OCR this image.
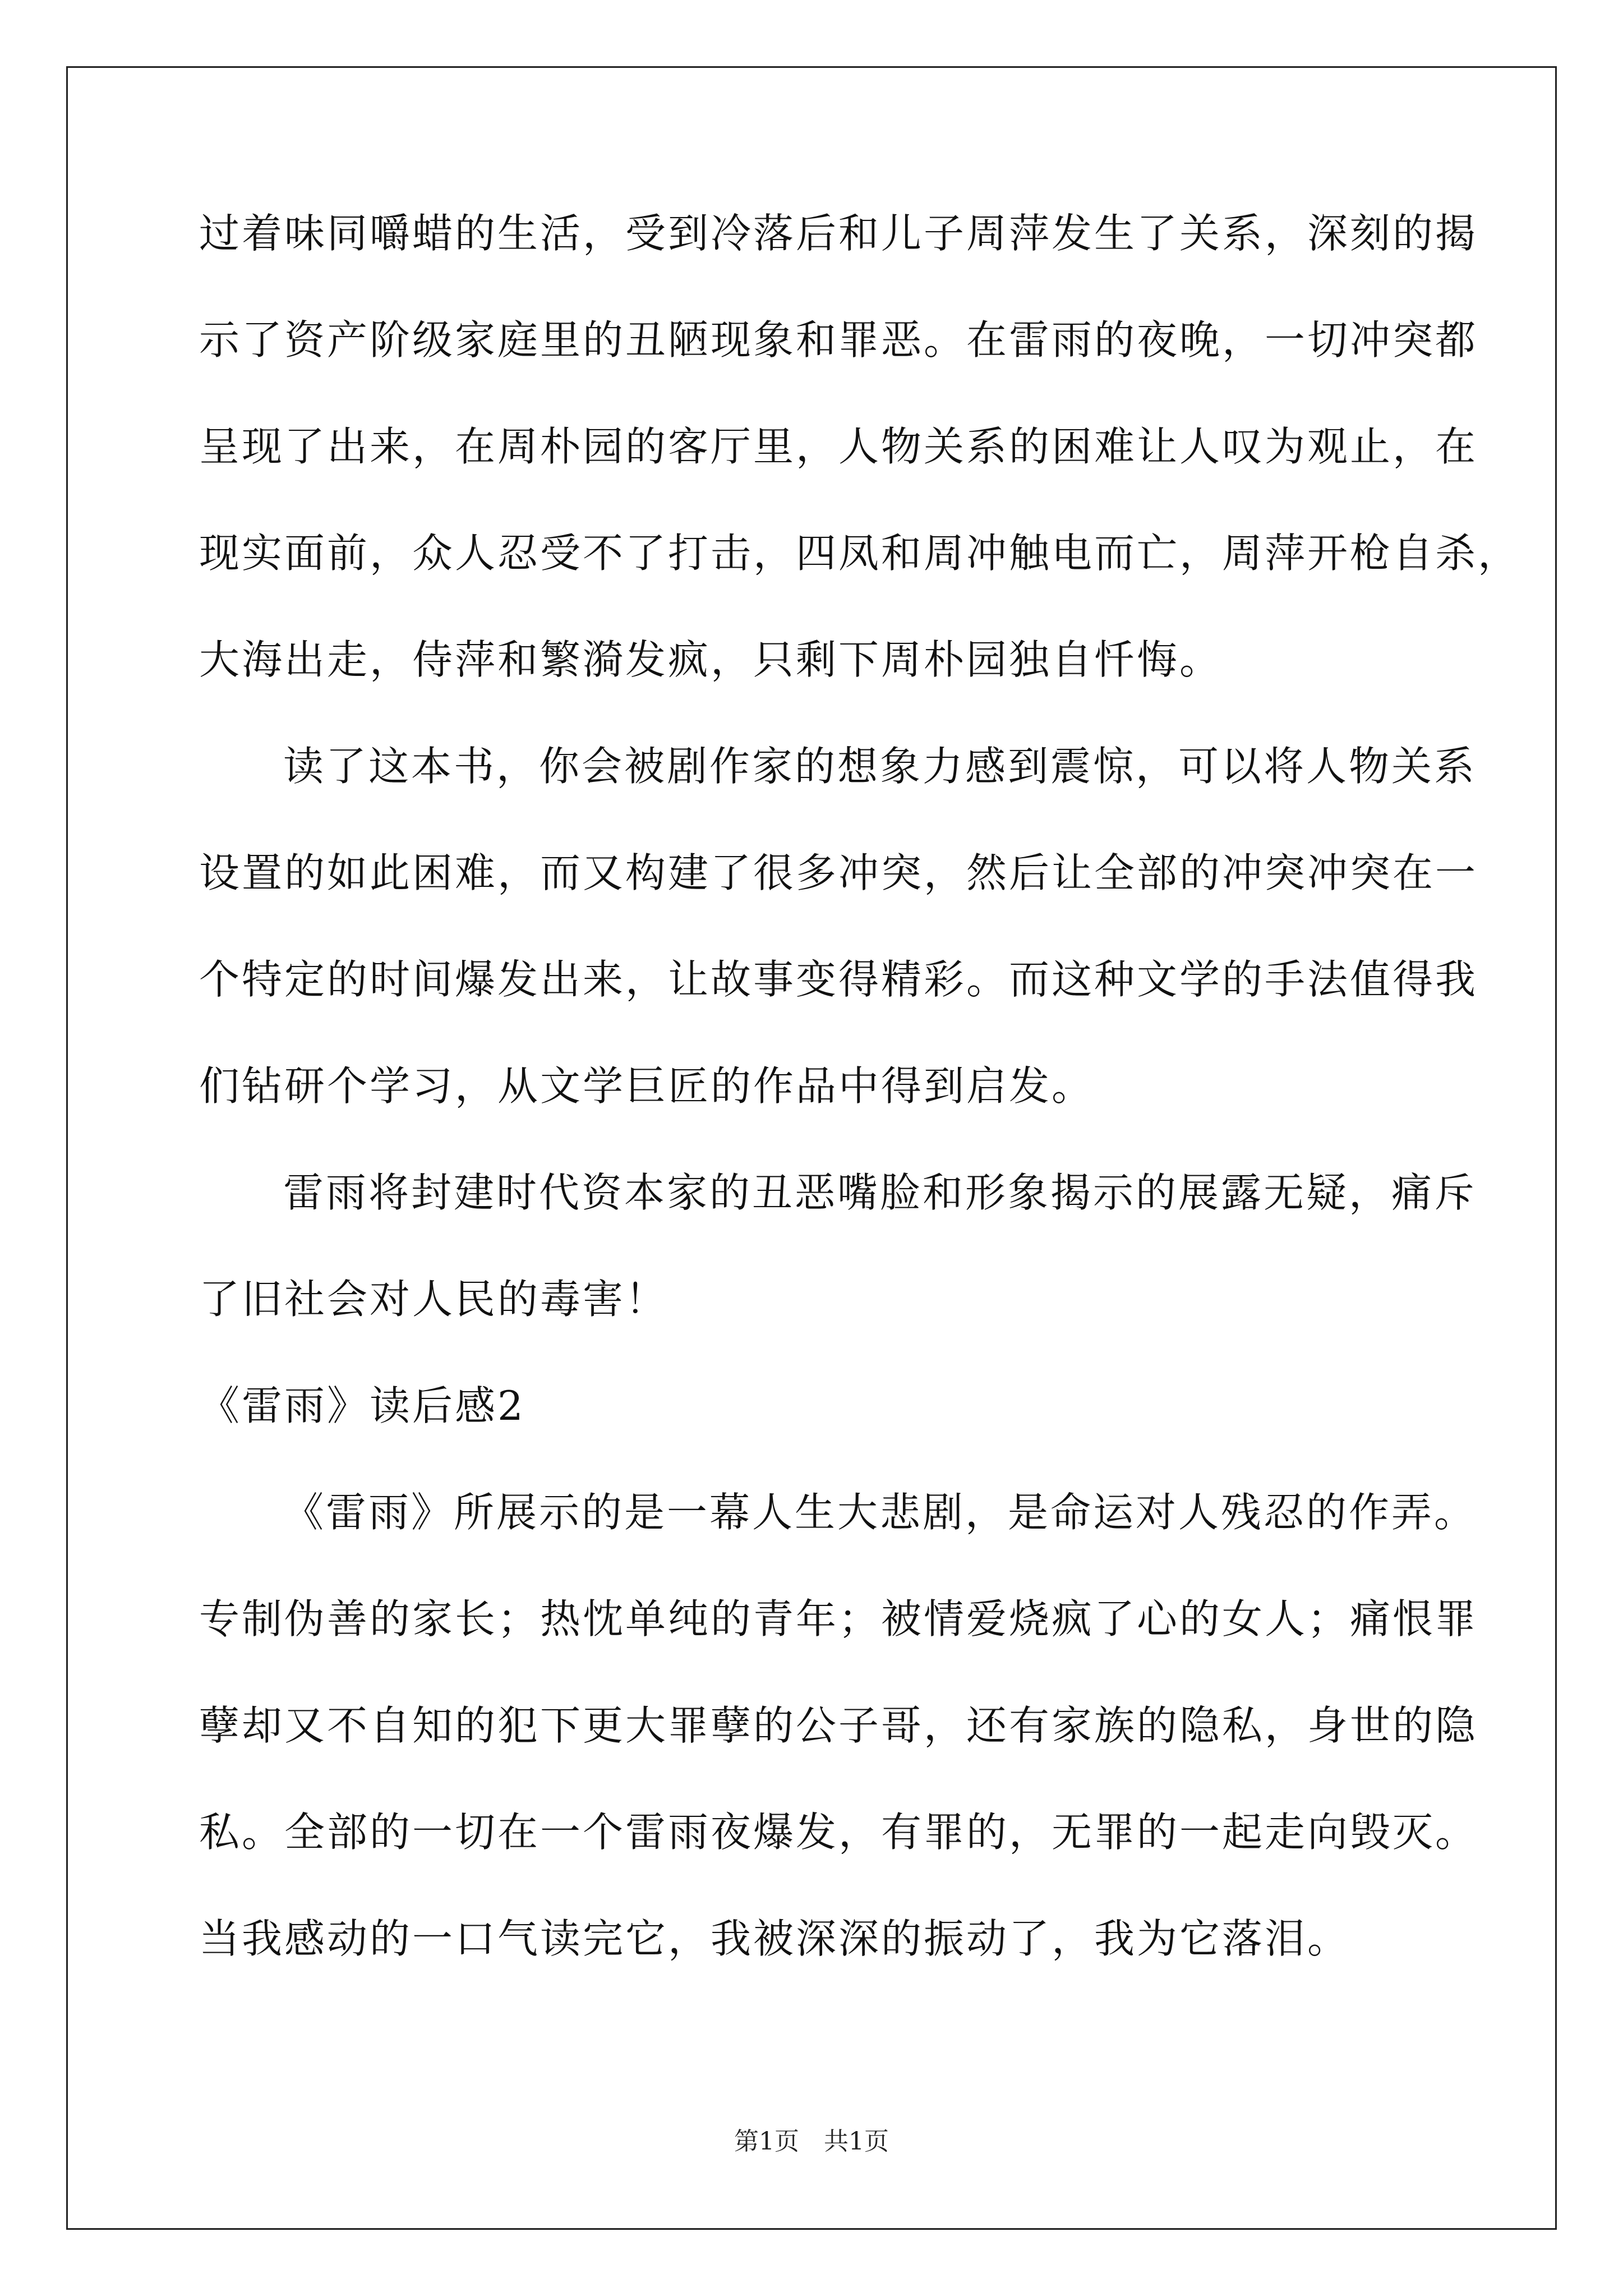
过着味同嚼蜡的生活，受到冷落后和儿子周萍发生了关系，深刻的揭
示了资产阶级家庭里的丑陋现象和罪恶。在雷雨的夜晚，一切冲突都
呈现了出来，在周朴园的客厅里，人物关系的困难让人叹为观止，在
现实面前，众人忍受不了打击，四凤和周冲触电而亡，周萍开枪自杀，
大海出走，侍萍和繁漪发疯，只剩下周朴园独自忏悔。
读了这本书，你会被剧作家的想象力感到震惊，可以将人物关系
设置的如此困难，而又构建了很多冲突，然后让全部的冲突冲突在一
个特定的时间爆发出来，让故事变得精彩。而这种文学的手法值得我
们钻研个学习，从文学巨匠的作品中得到启发。
雷雨将封建时代资本家的丑恶嘴脸和形象揭示的展露无疑，痛斥
了旧社会对人民的毒害！
《雷雨》读后感2
《雷雨》所展示的是一幕人生大悲剧，是命运对人残忍的作弄。
专制伪善的家长；热忱单纯的青年；被情爱烧疯了心的女人；痛恨罪
孽却又不自知的犯下更大罪孽的公子哥，还有家族的隐私，身世的隐
私。全部的一切在一个雷雨夜爆发，有罪的，无罪的一起走向毁灭。
当我感动的一口气读完它，我被深深的振动了，我为它落泪。
第1页　共1页
